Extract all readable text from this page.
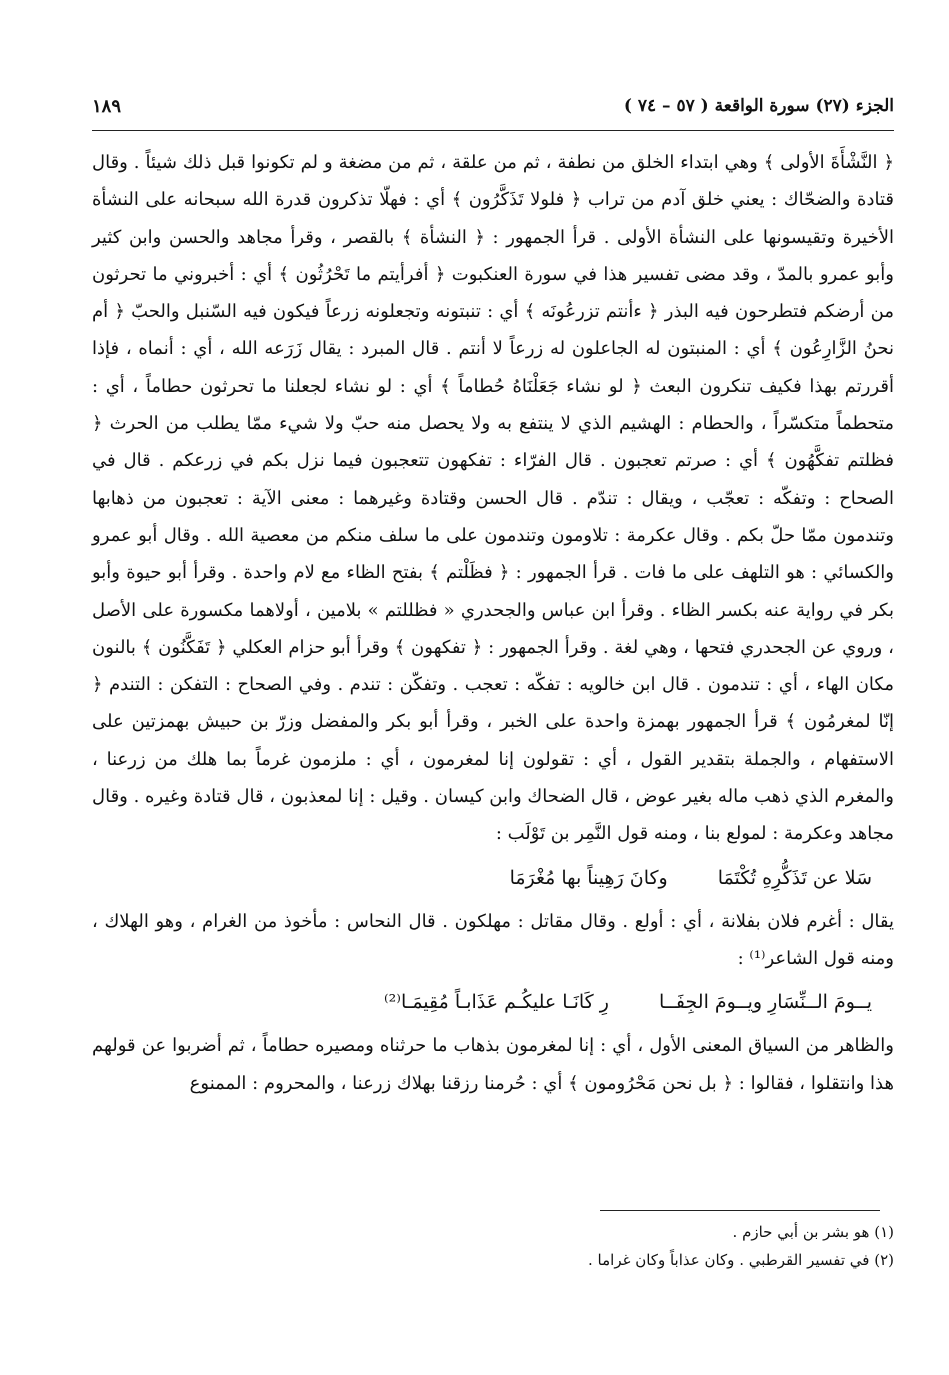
الجزء (٢٧) سورة الواقعة ( ٥٧ – ٧٤ )
١٨٩

﴿ النَّشْأَةَ الأولى ﴾ وهي ابتداء الخلق من نطفة ، ثم من علقة ، ثم من مضغة و لم تكونوا قبل ذلك شيئاً . وقال قتادة والضحّاك : يعني خلق آدم من تراب ﴿ فلولا تَذَكَّرُون ﴾ أي : فهلّا تذكرون قدرة الله سبحانه على النشأة الأخيرة وتقيسونها على النشأة الأولى . قرأ الجمهور : ﴿ النشأة ﴾ بالقصر ، وقرأ مجاهد والحسن وابن كثير وأبو عمرو بالمدّ ، وقد مضى تفسير هذا في سورة العنكبوت ﴿ أفرأيتم ما تَحْرُثُون ﴾ أي : أخبروني ما تحرثون من أرضكم فتطرحون فيه البذر ﴿ ءأنتم تزرعُونَه ﴾ أي : تنبتونه وتجعلونه زرعاً فيكون فيه السّنبل والحبّ ﴿ أم نحنُ الزَّارِعُون ﴾ أي : المنبتون له الجاعلون له زرعاً لا أنتم . قال المبرد : يقال زَرَعه الله ، أي : أنماه ، فإذا أقررتم بهذا فكيف تنكرون البعث ﴿ لو نشاء جَعَلْنَاهُ حُطاماً ﴾ أي : لو نشاء لجعلنا ما تحرثون حطاماً ، أي : متحطماً متكسّراً ، والحطام : الهشيم الذي لا ينتفع به ولا يحصل منه حبّ ولا شيء ممّا يطلب من الحرث ﴿ فظلتم تفكَّهُون ﴾ أي : صرتم تعجبون . قال الفرّاء : تفكهون تتعجبون فيما نزل بكم في زرعكم . قال في الصحاح : وتفكّه : تعجّب ، ويقال : تندّم . قال الحسن وقتادة وغيرهما : معنى الآية : تعجبون من ذهابها وتندمون ممّا حلّ بكم . وقال عكرمة : تلاومون وتندمون على ما سلف منكم من معصية الله . وقال أبو عمرو والكسائي : هو التلهف على ما فات . قرأ الجمهور : ﴿ فظَلْتم ﴾ بفتح الظاء مع لام واحدة . وقرأ أبو حيوة وأبو بكر في رواية عنه بكسر الظاء . وقرأ ابن عباس والجحدري « فظللتم » بلامين ، أولاهما مكسورة على الأصل ، وروي عن الجحدري فتحها ، وهي لغة . وقرأ الجمهور : ﴿ تفكهون ﴾ وقرأ أبو حزام العكلي ﴿ تَفَكَّنُون ﴾ بالنون مكان الهاء ، أي : تندمون . قال ابن خالويه : تفكّه : تعجب . وتفكّن : تندم . وفي الصحاح : التفكن : التندم ﴿ إنّا لمغرمُون ﴾ قرأ الجمهور بهمزة واحدة على الخبر ، وقرأ أبو بكر والمفضل وزرّ بن حبيش بهمزتين على الاستفهام ، والجملة بتقدير القول ، أي : تقولون إنا لمغرمون ، أي : ملزمون غرماً بما هلك من زرعنا ، والمغرم الذي ذهب ماله بغير عوض ، قال الضحاك وابن كيسان . وقيل : إنا لمعذبون ، قال قتادة وغيره . وقال مجاهد وعكرمة : لمولع بنا ، ومنه قول النَّمِر بن تَوْلَب :

سَلا عن تَذَكُّرِهِ تُكْتَمَا وكانَ رَهِيناً بها مُغْرَمَا

يقال : أغرم فلان بفلانة ، أي : أولع . وقال مقاتل : مهلكون . قال النحاس : مأخوذ من الغرام ، وهو الهلاك ، ومنه قول الشاعر⁽¹⁾ :

يــومَ الــنِّسَارِ ويــومَ الجِفَــا رِ كَانَـا عليكُـم عَذَابـاً مُقِيمَـا⁽²⁾

والظاهر من السياق المعنى الأول ، أي : إنا لمغرمون بذهاب ما حرثناه ومصيره حطاماً ، ثم أضربوا عن قولهم هذا وانتقلوا ، فقالوا : ﴿ بل نحن مَحْرُومون ﴾ أي : حُرمنا رزقنا بهلاك زرعنا ، والمحروم : الممنوع

(١) هو بشر بن أبي حازم .

(٢) في تفسير القرطبي . وكان عذاباً وكان غراما .
